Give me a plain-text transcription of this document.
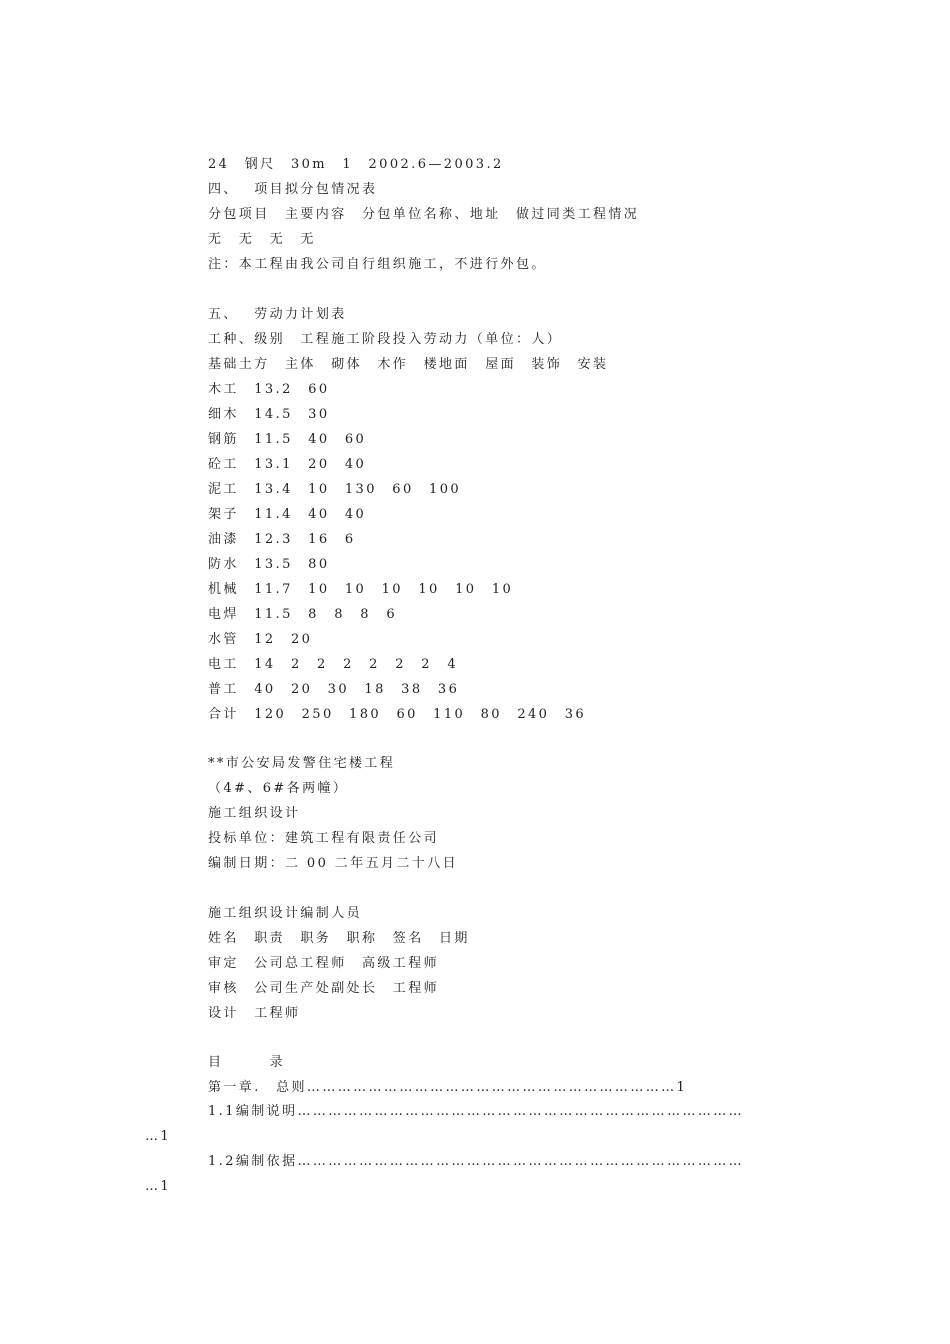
24　钢尺　30m　1　2002.6—2003.2
四、　 项目拟分包情况表
分包项目　主要内容　分包单位名称、地址　做过同类工程情况
无　无　无　无
注：本工程由我公司自行组织施工，不进行外包。
五、　 劳动力计划表
工种、级别　工程施工阶段投入劳动力（单位：人）
基础土方　主体　砌体　木作　楼地面　屋面　装饰　安装
木工　13.2　60
细木　14.5　30
钢筋　11.5　40　60
砼工　13.1　20　40
泥工　13.4　10　130　60　100
架子　11.4　40　40
油漆　12.3　16　6
防水　13.5　80
机械　11.7　10　10　10　10　10　10
电焊　11.5　8　8　8　6
水管　12　20
电工　14　2　2　2　2　2　2　4
普工　40　20　30　18　38　36
合计　120　250　180　60　110　80　240　36
**市公安局发警住宅楼工程
（4#、6#各两幢）
施工组织设计
投标单位：建筑工程有限责任公司
编制日期：二 00 二年五月二十八日
施工组织设计编制人员
姓名　职责　职务　职称　签名　日期
审定　公司总工程师　高级工程师
审核　公司生产处副处长　工程师
设计　工程师
目　　　录
第一章.　总则………………………………………………………………1
1.1编制说明……………………………………………………………………………
…1
1.2编制依据……………………………………………………………………………
…1
